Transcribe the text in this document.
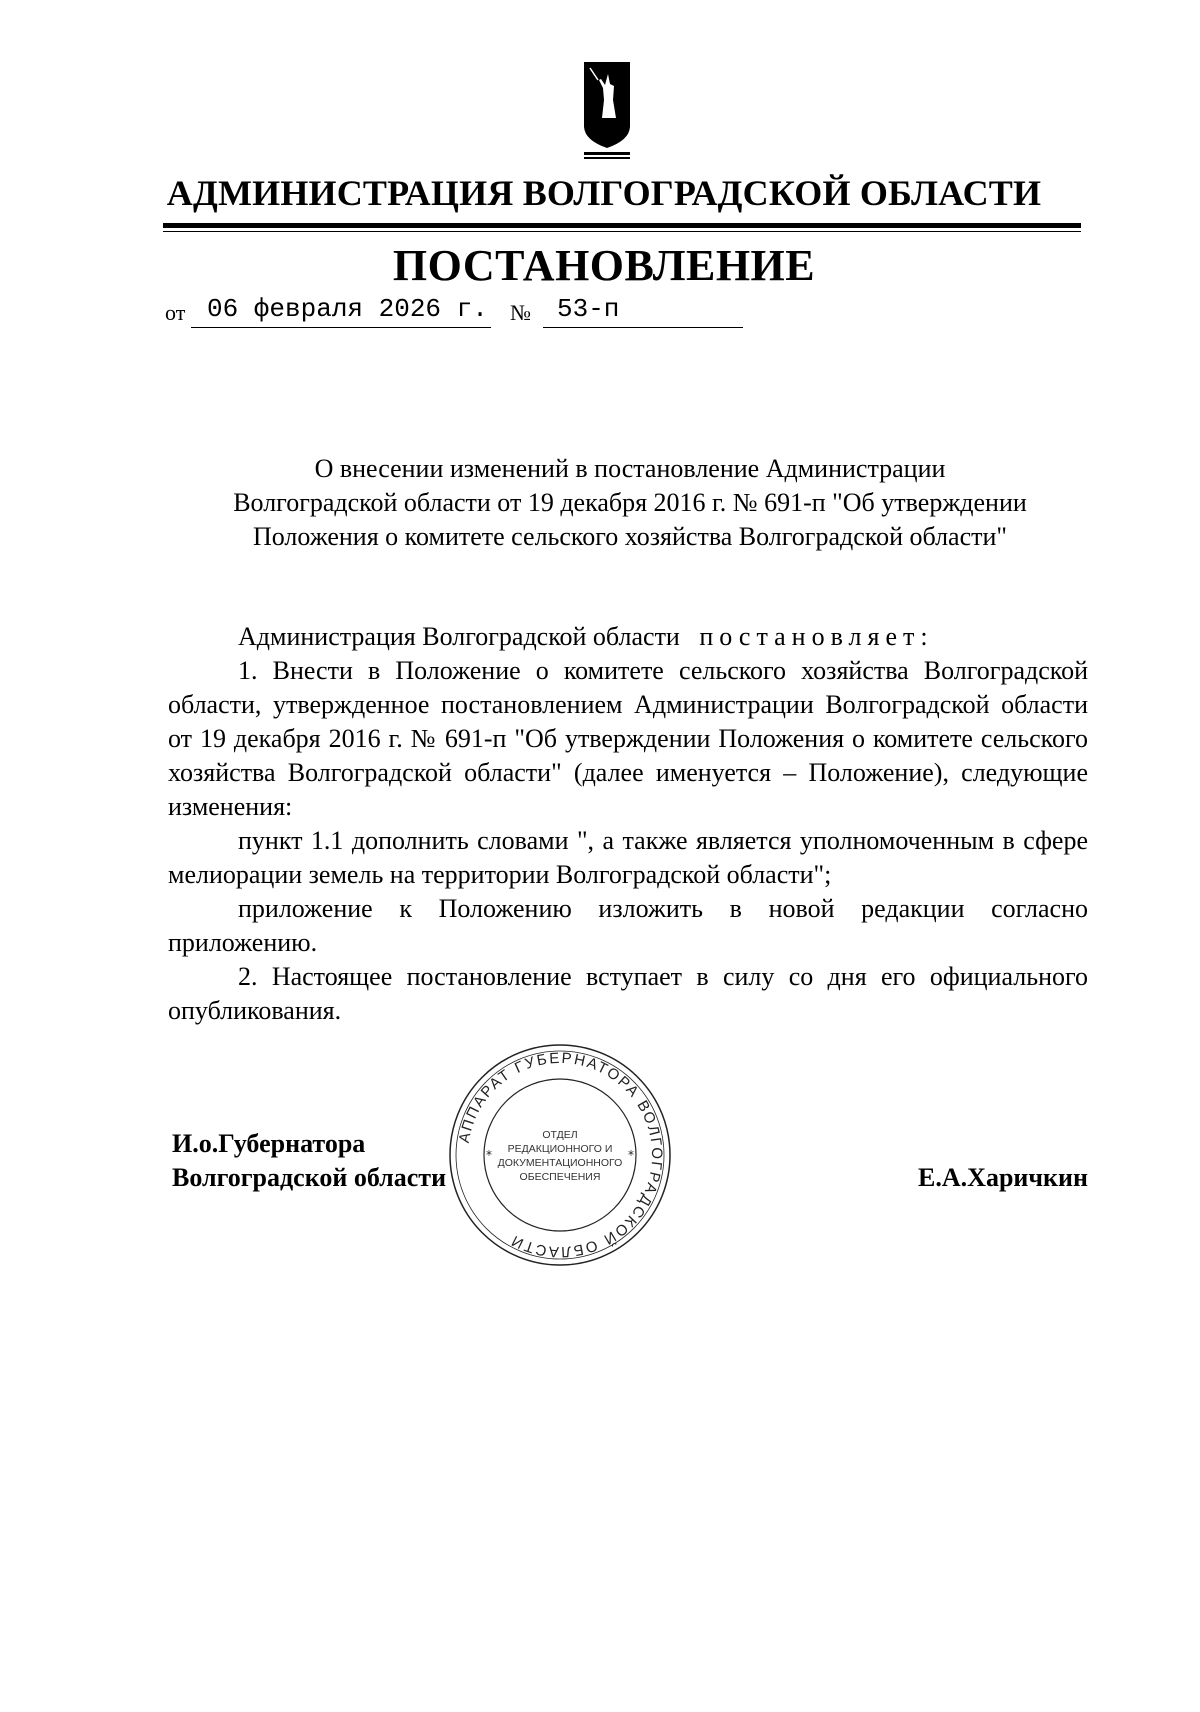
АДМИНИСТРАЦИЯ ВОЛГОГРАДСКОЙ ОБЛАСТИ
ПОСТАНОВЛЕНИЕ
от 06 февраля 2026 г. № 53-п
О внесении изменений в постановление Администрации
Волгоградской области от 19 декабря 2016 г. № 691-п "Об утверждении
Положения о комитете сельского хозяйства Волгоградской области"

Администрация Волгоградской области постановляет:

1. Внести в Положение о комитете сельского хозяйства Волгоградской области, утвержденное постановлением Администрации Волгоградской области от 19 декабря 2016 г. № 691-п "Об утверждении Положения о комитете сельского хозяйства Волгоградской области" (далее именуется – Положение), следующие изменения:

пункт 1.1 дополнить словами ", а также является уполномоченным в сфере мелиорации земель на территории Волгоградской области";

приложение к Положению изложить в новой редакции согласно приложению.

2. Настоящее постановление вступает в силу со дня его официального опубликования.

И.о.Губернатора
Волгоградской области
АППАРАТ ГУБЕРНАТОРА ВОЛГОГРАДСКОЙ ОБЛАСТИ
ОТДЕЛ
РЕДАКЦИОННОГО И
ДОКУМЕНТАЦИОННОГО
ОБЕСПЕЧЕНИЯ
*	*
Е.А.Харичкин
